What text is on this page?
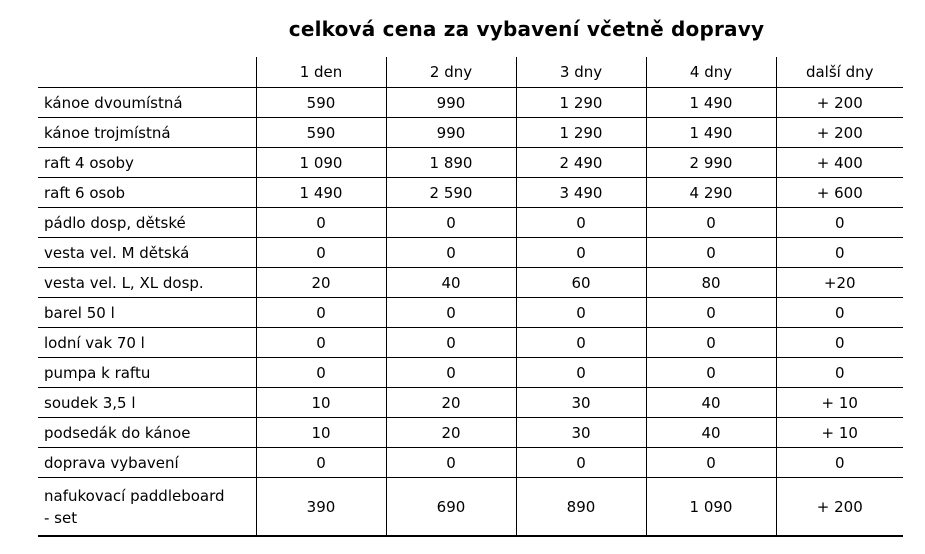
celková cena za vybavení včetně dopravy
	1 den	2 dny	3 dny	4 dny	další dny
kánoe dvoumístná	590	990	1 290	1 490	+ 200
kánoe trojmístná	590	990	1 290	1 490	+ 200
raft 4 osoby	1 090	1 890	2 490	2 990	+ 400
raft 6 osob	1 490	2 590	3 490	4 290	+ 600
pádlo dosp, dětské	0	0	0	0	0
vesta vel. M dětská	0	0	0	0	0
vesta vel. L, XL dosp.	20	40	60	80	+20
barel 50 l	0	0	0	0	0
lodní vak 70 l	0	0	0	0	0
pumpa k raftu	0	0	0	0	0
soudek 3,5 l	10	20	30	40	+ 10
podsedák do kánoe	10	20	30	40	+ 10
doprava vybavení	0	0	0	0	0
nafukovací paddleboard
- set	390	690	890	1 090	+ 200
